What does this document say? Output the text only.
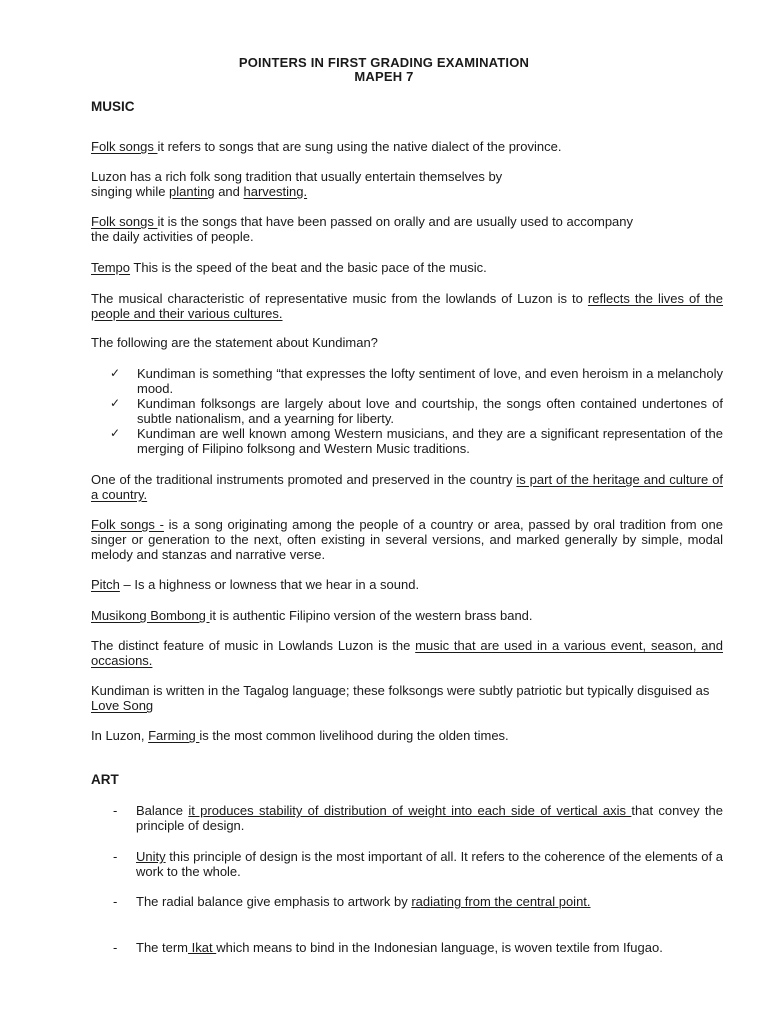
POINTERS IN FIRST GRADING EXAMINATION
MAPEH 7
MUSIC
Folk songs it refers to songs that are sung using the native dialect of the province.
Luzon has a rich folk song tradition that usually entertain themselves by
singing while planting and harvesting.
Folk songs it is the songs that have been passed on orally and are usually used to accompany the daily activities of people.
Tempo This is the speed of the beat and the basic pace of the music.
The musical characteristic of representative music from the lowlands of Luzon is to reflects the lives of the people and their various cultures.
The following are the statement about Kundiman?
✓	Kundiman is something “that expresses the lofty sentiment of love, and even heroism in a melancholy mood.
✓	Kundiman folksongs are largely about love and courtship, the songs often contained undertones of subtle nationalism, and a yearning for liberty.
✓	Kundiman are well known among Western musicians, and they are a significant representation of the merging of Filipino folksong and Western Music traditions.
One of the traditional instruments promoted and preserved in the country is part of the heritage and culture of a country.
Folk songs - is a song originating among the people of a country or area, passed by oral tradition from one singer or generation to the next, often existing in several versions, and marked generally by simple, modal melody and stanzas and narrative verse.
Pitch – Is a highness or lowness that we hear in a sound.
Musikong Bombong it is authentic Filipino version of the western brass band.
The distinct feature of music in Lowlands Luzon is the music that are used in a various event, season, and occasions.
Kundiman is written in the Tagalog language; these folksongs were subtly patriotic but typically disguised as Love Song
In Luzon, Farming is the most common livelihood during the olden times.
ART
- Balance it produces stability of distribution of weight into each side of vertical axis that convey the principle of design.
- Unity this principle of design is the most important of all. It refers to the coherence of the elements of a work to the whole.
- The radial balance give emphasis to artwork by radiating from the central point.
- The term Ikat which means to bind in the Indonesian language, is woven textile from Ifugao.
